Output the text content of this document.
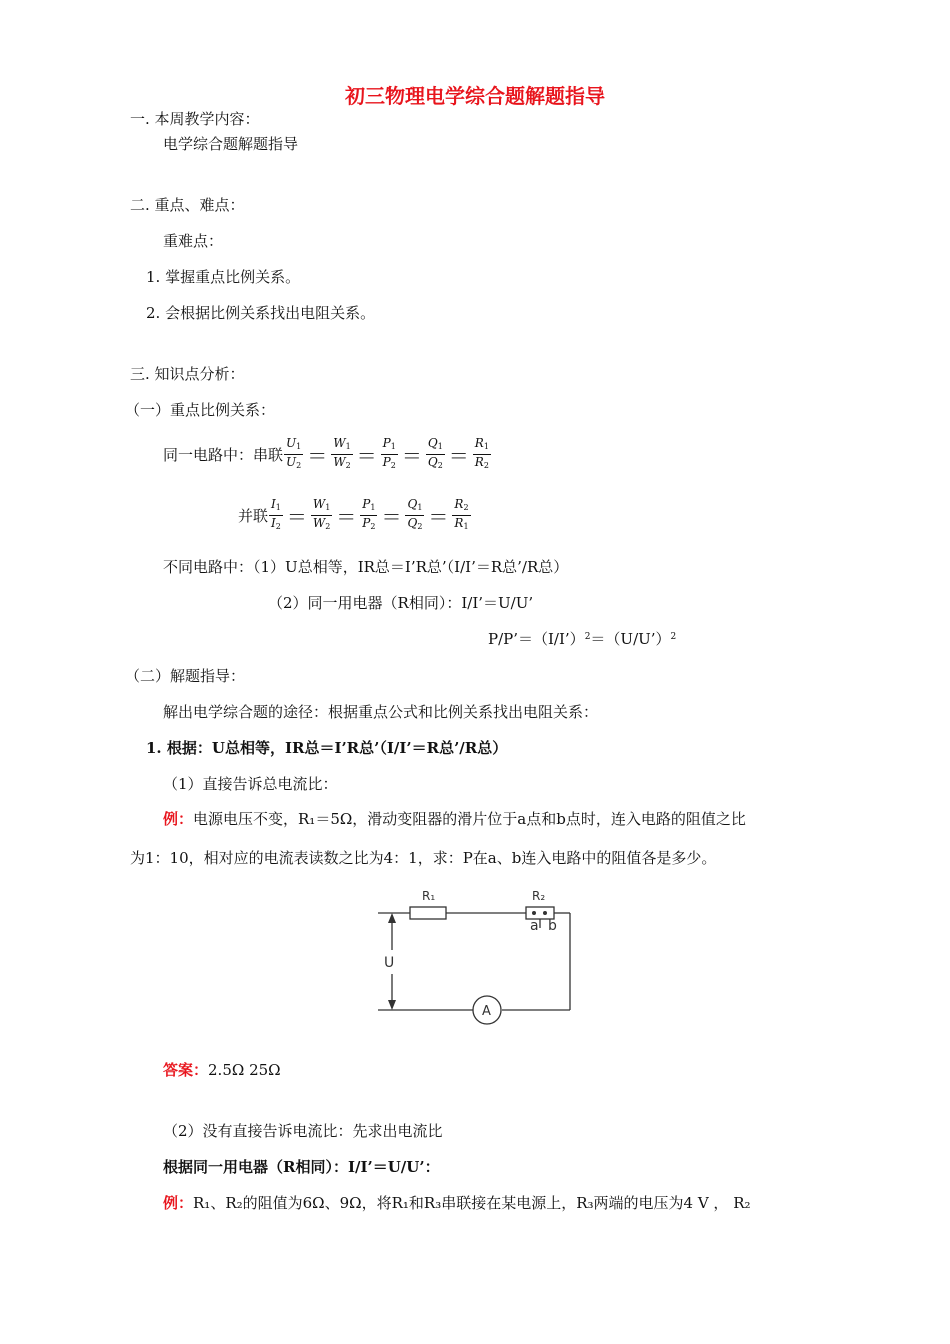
初三物理电学综合题解题指导
一. 本周教学内容：
电学综合题解题指导
二. 重点、难点：
重难点：
1. 掌握重点比例关系。
2. 会根据比例关系找出电阻关系。
三. 知识点分析：
（一）重点比例关系：
同一电路中：串联 $\frac{U_1}{U_2} = \frac{W_1}{W_2} = \frac{P_1}{P_2} = \frac{Q_1}{Q_2} = \frac{R_1}{R_2}$
并联 $\frac{I_1}{I_2} = \frac{W_1}{W_2} = \frac{P_1}{P_2} = \frac{Q_1}{Q_2} = \frac{R_2}{R_1}$
不同电路中：（1）U总相等，IR总＝I’R总’（I/I’＝R总’/R总）
（2）同一用电器（R相同）：I/I’＝U/U’
P/P’＝（I/I’）$^2$＝（U/U’）$^2$
（二）解题指导：
解出电学综合题的途径：根据重点公式和比例关系找出电阻关系：
1. 根据：U总相等，IR总＝I’R总’（I/I’＝R总’/R总）
（1）直接告诉总电流比：
例：电源电压不变，R₁＝5Ω，滑动变阻器的滑片位于a点和b点时，连入电路的阻值之比
为1：10，相对应的电流表读数之比为4：1，求：P在a、b连入电路中的阻值各是多少。
R₁	R₂
a b
U
A
答案：2.5Ω 25Ω
（2）没有直接告诉电流比：先求出电流比
根据同一用电器（R相同）：I/I’＝U/U’：
例：R₁、R₂的阻值为6Ω、9Ω，将R₁和R₃串联接在某电源上，R₃两端的电压为4 V ， R₂
